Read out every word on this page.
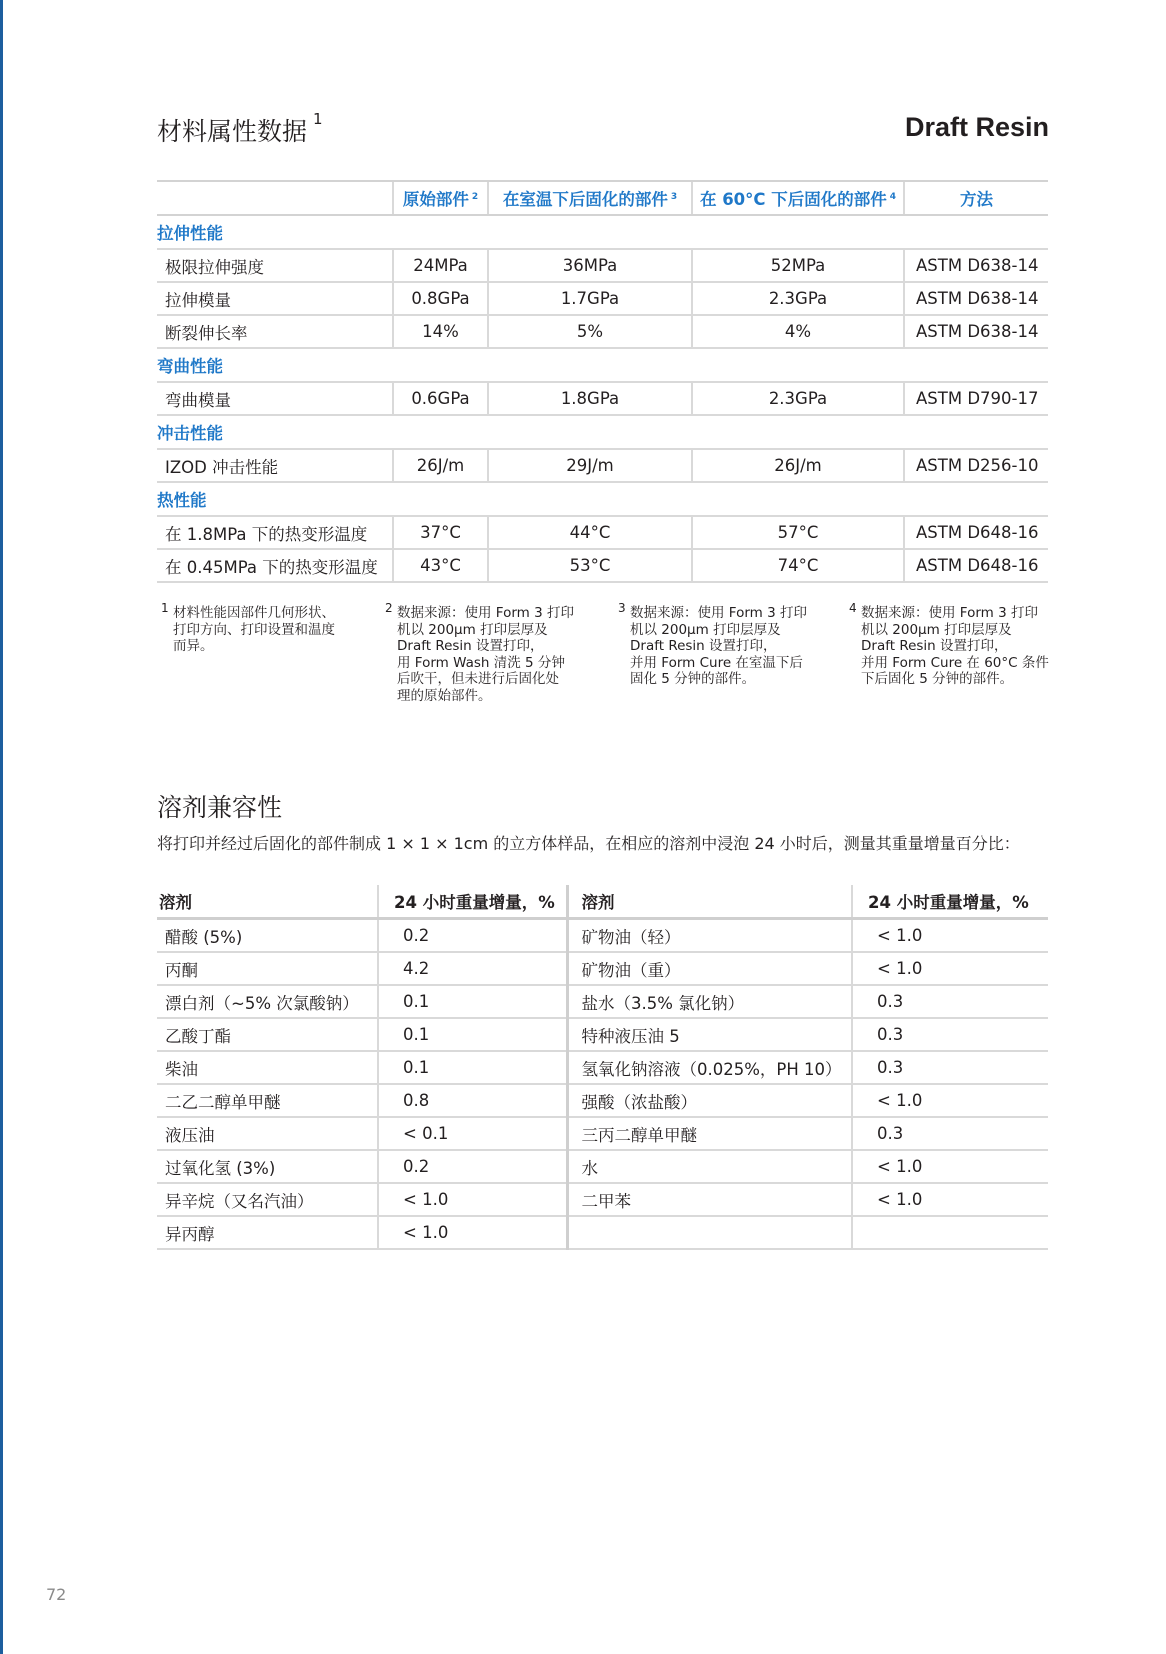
材料属性数据 $^1$	Draft Resin
	原始部件 $^2$	在室温下后固化的部件 $^3$	在 60°C 下后固化的部件 $^4$	方法
拉伸性能				
极限拉伸强度	24MPa	36MPa	52MPa	ASTM D638-14
拉伸模量	0.8GPa	1.7GPa	2.3GPa	ASTM D638-14
断裂伸长率	14%	5%	4%	ASTM D638-14
弯曲性能				
弯曲模量	0.6GPa	1.8GPa	2.3GPa	ASTM D790-17
冲击性能				
IZOD 冲击性能	26J/m	29J/m	26J/m	ASTM D256-10
热性能				
在 1.8MPa 下的热变形温度	37°C	44°C	57°C	ASTM D648-16
在 0.45MPa 下的热变形温度	43°C	53°C	74°C	ASTM D648-16
1 材料性能因部件几何形状、
打印方向、打印设置和温度
而异。
2 数据来源：使用 Form 3 打印
机以 200μm 打印层厚及
Draft Resin 设置打印，
用 Form Wash 清洗 5 分钟
后吹干，但未进行后固化处
理的原始部件。
3 数据来源：使用 Form 3 打印
机以 200μm 打印层厚及
Draft Resin 设置打印，
并用 Form Cure 在室温下后
固化 5 分钟的部件。
4 数据来源：使用 Form 3 打印
机以 200μm 打印层厚及
Draft Resin 设置打印，
并用 Form Cure 在 60°C 条件
下后固化 5 分钟的部件。
溶剂兼容性
将打印并经过后固化的部件制成 1 × 1 × 1cm 的立方体样品，在相应的溶剂中浸泡 24 小时后，测量其重量增量百分比：
溶剂	24 小时重量增量，%	溶剂	24 小时重量增量，%
醋酸 (5%)	0.2	矿物油（轻）	< 1.0
丙酮	4.2	矿物油（重）	< 1.0
漂白剂（~5% 次氯酸钠）	0.1	盐水（3.5% 氯化钠）	0.3
乙酸丁酯	0.1	特种液压油 5	0.3
柴油	0.1	氢氧化钠溶液（0.025%，PH 10）	0.3
二乙二醇单甲醚	0.8	强酸（浓盐酸）	< 1.0
液压油	< 0.1	三丙二醇单甲醚	0.3
过氧化氢 (3%)	0.2	水	< 1.0
异辛烷（又名汽油）	< 1.0	二甲苯	< 1.0
异丙醇	< 1.0		
72
